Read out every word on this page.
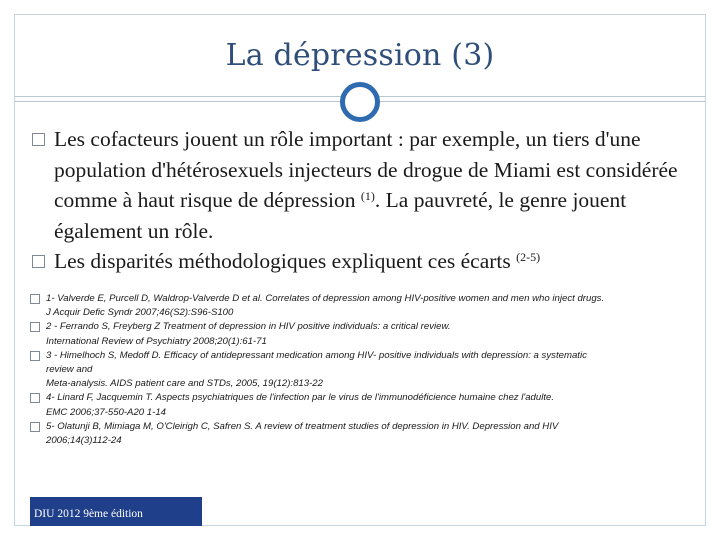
La dépression (3)
Les cofacteurs jouent un rôle important : par exemple, un tiers d'une population d'hétérosexuels injecteurs de drogue de Miami est considérée comme à haut risque de dépression $^{(1)}$. La pauvreté, le genre jouent également un rôle.
Les disparités méthodologiques expliquent ces écarts $^{(2-5)}$
1- Valverde E, Purcell D, Waldrop-Valverde D et al. Correlates of depression among HIV-positive women and men who inject drugs.
J Acquir Defic Syndr 2007;46(S2):S96-S100
2 - Ferrando S, Freyberg Z Treatment of depression in HIV positive individuals: a critical review.
International Review of Psychiatry 2008;20(1):61-71
3 - Himelhoch S, Medoff D. Efficacy of antidepressant medication among HIV- positive individuals with depression: a systematic
review and
Meta-analysis. AIDS patient care and STDs, 2005, 19(12):813-22
4- Linard F, Jacquemin T. Aspects psychiatriques de l'infection par le virus de l'immunodéficience humaine chez l'adulte.
EMC 2006;37-550-A20 1-14
5- Olatunji B, Mimiaga M, O'Cleirigh C, Safren S. A review of treatment studies of depression in HIV. Depression and HIV
2006;14(3)112-24
DIU 2012 9ème édition
